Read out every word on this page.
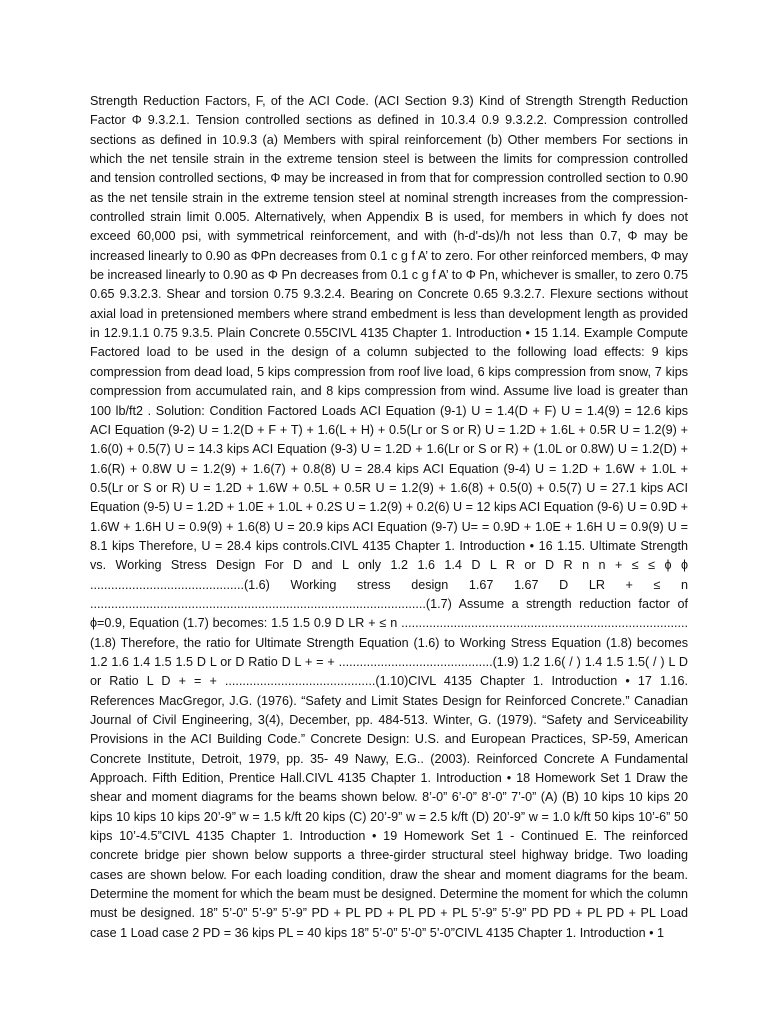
Strength Reduction Factors, F, of the ACI Code. (ACI Section 9.3) Kind of Strength Strength Reduction Factor Φ 9.3.2.1. Tension controlled sections as defined in 10.3.4 0.9 9.3.2.2. Compression controlled sections as defined in 10.9.3 (a) Members with spiral reinforcement (b) Other members For sections in which the net tensile strain in the extreme tension steel is between the limits for compression controlled and tension controlled sections, Φ may be increased in from that for compression controlled section to 0.90 as the net tensile strain in the extreme tension steel at nominal strength increases from the compression-controlled strain limit 0.005. Alternatively, when Appendix B is used, for members in which fy does not exceed 60,000 psi, with symmetrical reinforcement, and with (h-d'-ds)/h not less than 0.7, Φ may be increased linearly to 0.90 as ΦPn decreases from 0.1 c g f A’ to zero. For other reinforced members, Φ may be increased linearly to 0.90 as Φ Pn decreases from 0.1 c g f A’ to Φ Pn, whichever is smaller, to zero 0.75 0.65 9.3.2.3. Shear and torsion 0.75 9.3.2.4. Bearing on Concrete 0.65 9.3.2.7. Flexure sections without axial load in pretensioned members where strand embedment is less than development length as provided in 12.9.1.1 0.75 9.3.5. Plain Concrete 0.55CIVL 4135 Chapter 1. Introduction • 15 1.14. Example Compute Factored load to be used in the design of a column subjected to the following load effects: 9 kips compression from dead load, 5 kips compression from roof live load, 6 kips compression from snow, 7 kips compression from accumulated rain, and 8 kips compression from wind. Assume live load is greater than 100 lb/ft2 . Solution: Condition Factored Loads ACI Equation (9-1) U = 1.4(D + F) U = 1.4(9) = 12.6 kips ACI Equation (9-2) U = 1.2(D + F + T) + 1.6(L + H) + 0.5(Lr or S or R) U = 1.2D + 1.6L + 0.5R U = 1.2(9) + 1.6(0) + 0.5(7) U = 14.3 kips ACI Equation (9-3) U = 1.2D + 1.6(Lr or S or R) + (1.0L or 0.8W) U = 1.2(D) + 1.6(R) + 0.8W U = 1.2(9) + 1.6(7) + 0.8(8) U = 28.4 kips ACI Equation (9-4) U = 1.2D + 1.6W + 1.0L + 0.5(Lr or S or R) U = 1.2D + 1.6W + 0.5L + 0.5R U = 1.2(9) + 1.6(8) + 0.5(0) + 0.5(7) U = 27.1 kips ACI Equation (9-5) U = 1.2D + 1.0E + 1.0L + 0.2S U = 1.2(9) + 0.2(6) U = 12 kips ACI Equation (9-6) U = 0.9D + 1.6W + 1.6H U = 0.9(9) + 1.6(8) U = 20.9 kips ACI Equation (9-7) U= = 0.9D + 1.0E + 1.6H U = 0.9(9) U = 8.1 kips Therefore, U = 28.4 kips controls.CIVL 4135 Chapter 1. Introduction • 16 1.15. Ultimate Strength vs. Working Stress Design For D and L only 1.2 1.6 1.4 D L R or D R n n + ≤ ≤ ϕ ϕ ............................................(1.6) Working stress design 1.67 1.67 D LR + ≤ n ................................................................................................(1.7) Assume a strength reduction factor of ϕ=0.9, Equation (1.7) becomes: 1.5 1.5 0.9 D LR + ≤ n ..................................................................................(1.8) Therefore, the ratio for Ultimate Strength Equation (1.6) to Working Stress Equation (1.8) becomes 1.2 1.6 1.4 1.5 1.5 D L or D Ratio D L + = + ............................................(1.9) 1.2 1.6( / ) 1.4 1.5 1.5( / ) L D or Ratio L D + = + ...........................................(1.10)CIVL 4135 Chapter 1. Introduction • 17 1.16. References MacGregor, J.G. (1976). “Safety and Limit States Design for Reinforced Concrete.” Canadian Journal of Civil Engineering, 3(4), December, pp. 484-513. Winter, G. (1979). “Safety and Serviceability Provisions in the ACI Building Code.” Concrete Design: U.S. and European Practices, SP-59, American Concrete Institute, Detroit, 1979, pp. 35- 49 Nawy, E.G.. (2003). Reinforced Concrete A Fundamental Approach. Fifth Edition, Prentice Hall.CIVL 4135 Chapter 1. Introduction • 18 Homework Set 1 Draw the shear and moment diagrams for the beams shown below. 8’-0” 6’-0” 8’-0” 7’-0” (A) (B) 10 kips 10 kips 20 kips 10 kips 10 kips 20’-9” w = 1.5 k/ft 20 kips (C) 20’-9” w = 2.5 k/ft (D) 20’-9” w = 1.0 k/ft 50 kips 10’-6” 50 kips 10’-4.5”CIVL 4135 Chapter 1. Introduction • 19 Homework Set 1 - Continued E. The reinforced concrete bridge pier shown below supports a three-girder structural steel highway bridge. Two loading cases are shown below. For each loading condition, draw the shear and moment diagrams for the beam. Determine the moment for which the beam must be designed. Determine the moment for which the column must be designed. 18” 5’-0” 5’-9” 5’-9” PD + PL PD + PL PD + PL 5’-9” 5’-9” PD PD + PL PD + PL Load case 1 Load case 2 PD = 36 kips PL = 40 kips 18” 5’-0” 5’-0” 5’-0”CIVL 4135 Chapter 1. Introduction • 1
